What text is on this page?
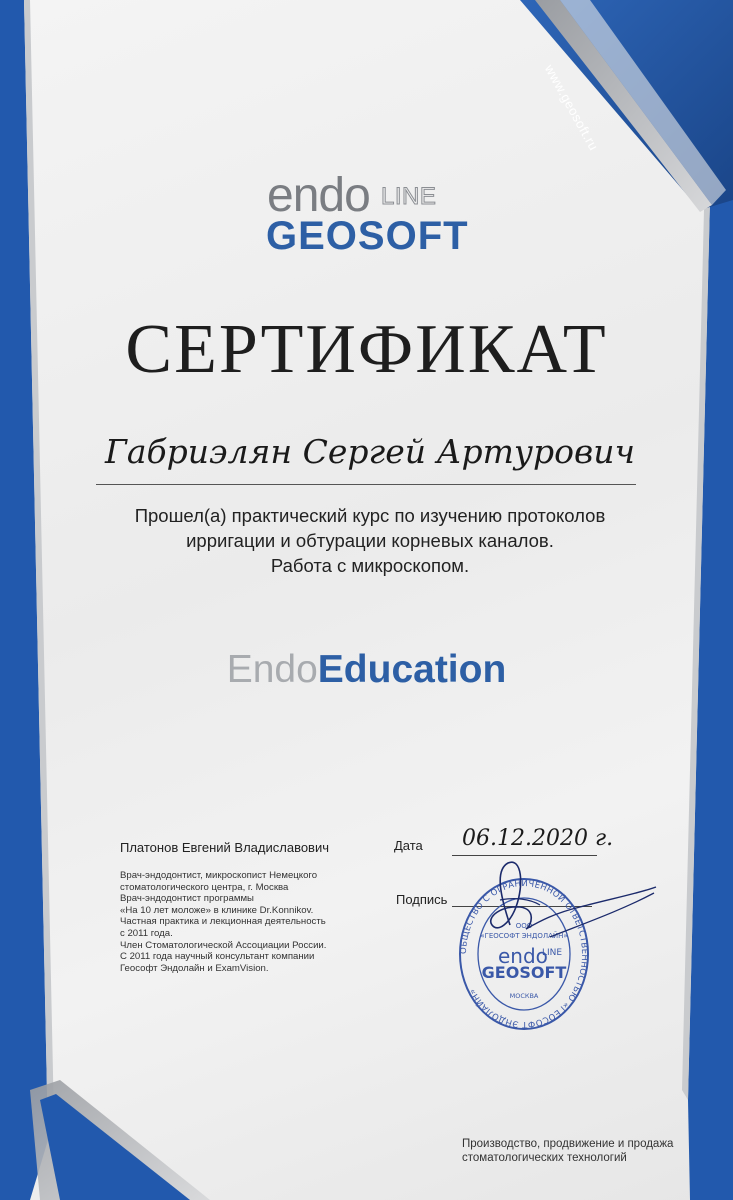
www.geosoft.ru
endo LINE
GEOSOFT
СЕРТИФИКАТ
Габриэлян Сергей Артурович
Прошел(а) практический курс по изучению протоколов
ирригации и обтурации корневых каналов.
Работа с микроскопом.
EndoEducation
Платонов Евгений Владиславович
Врач-эндодонтист, микроскопист Немецкого
стоматологического центра, г. Москва
Врач-эндодонтист программы
«На 10 лет моложе» в клинике Dr.Konnikov.
Частная практика и лекционная деятельность
с 2011 года.
Член Стоматологической Ассоциации России.
С 2011 года научный консультант компании
Геософт Эндолайн и ExamVision.
Дата 06.12.2020 г.
Подпись
ОБЩЕСТВО С ОГРАНИЧЕННОЙ ОТВЕТСТВЕННОСТЬЮ «ГЕОСОФТ ЭНДОЛАЙН»
ООО
«ГЕОСОФТ ЭНДОЛАЙН»
endo
LINE
GEOSOFT
МОСКВА
Производство, продвижение и продажа
стоматологических технологий
